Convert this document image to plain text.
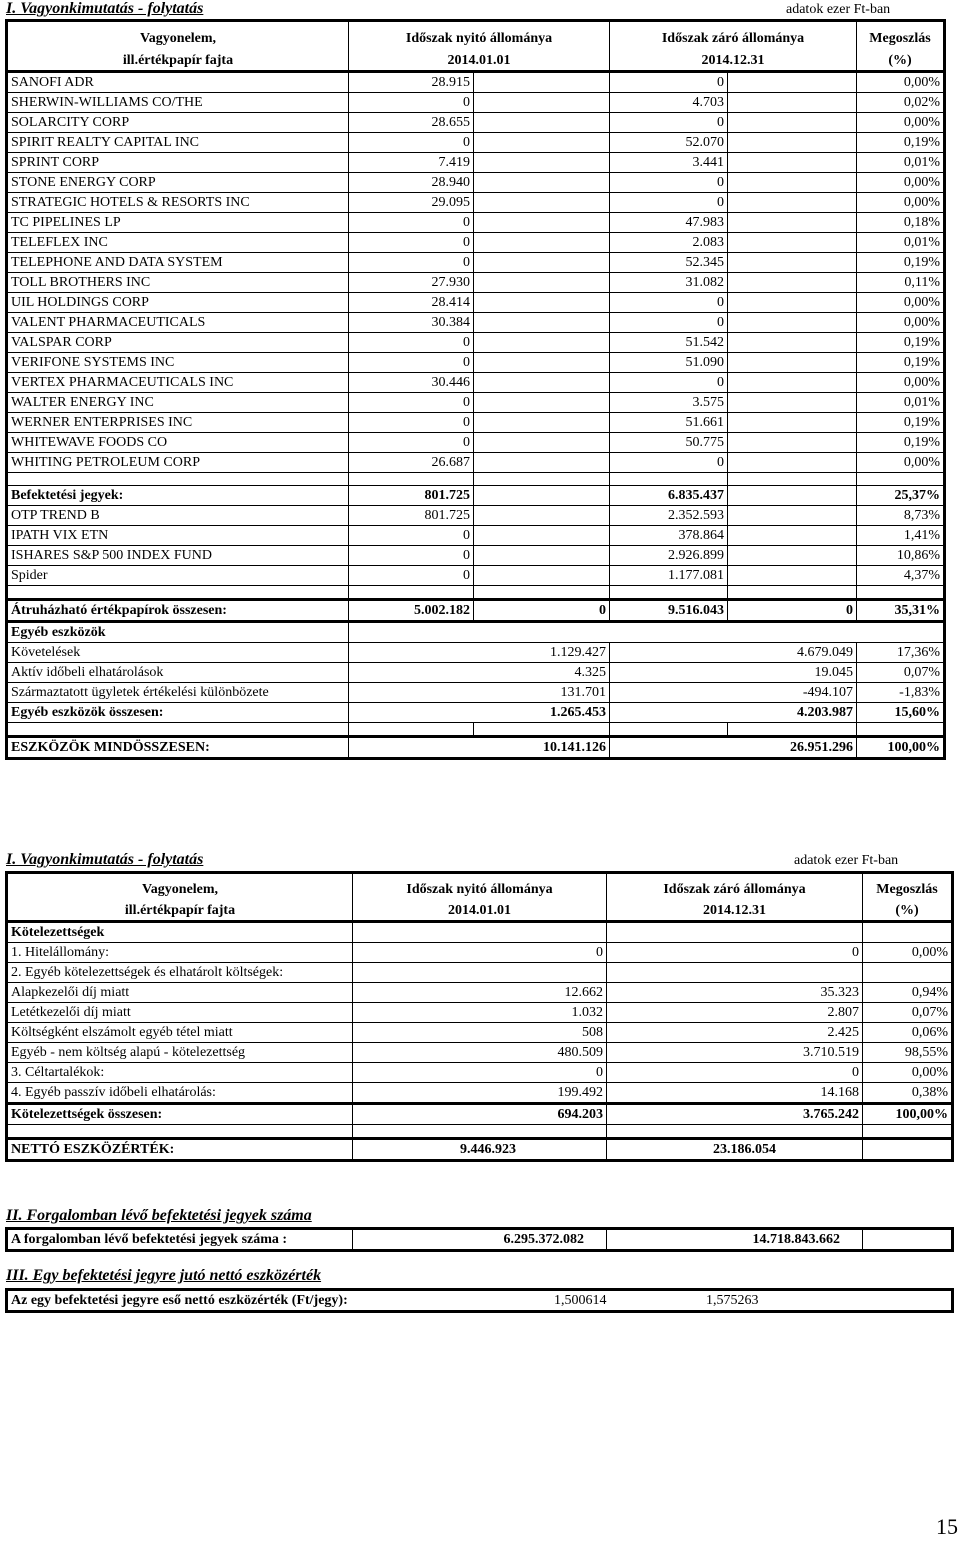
I. Vagyonkimutatás - folytatás	adatok ezer Ft-ban
Vagyonelem,	Időszak nyitó állománya		Időszak záró állománya		Megoszlás
ill.értékpapír fajta	2014.01.01		2014.12.31		(%)
SANOFI ADR	28.915		0		0,00%
SHERWIN-WILLIAMS CO/THE	0		4.703		0,02%
SOLARCITY CORP	28.655		0		0,00%
SPIRIT REALTY CAPITAL INC	0		52.070		0,19%
SPRINT CORP	7.419		3.441		0,01%
STONE ENERGY CORP	28.940		0		0,00%
STRATEGIC HOTELS & RESORTS INC	29.095		0		0,00%
TC PIPELINES LP	0		47.983		0,18%
TELEFLEX INC	0		2.083		0,01%
TELEPHONE AND DATA SYSTEM	0		52.345		0,19%
TOLL BROTHERS INC	27.930		31.082		0,11%
UIL HOLDINGS CORP	28.414		0		0,00%
VALENT PHARMACEUTICALS	30.384		0		0,00%
VALSPAR CORP	0		51.542		0,19%
VERIFONE SYSTEMS INC	0		51.090		0,19%
VERTEX PHARMACEUTICALS INC	30.446		0		0,00%
WALTER ENERGY INC	0		3.575		0,01%
WERNER ENTERPRISES INC	0		51.661		0,19%
WHITEWAVE FOODS CO	0		50.775		0,19%
WHITING PETROLEUM CORP	26.687		0		0,00%

Befektetési jegyek:	801.725		6.835.437		25,37%
OTP TREND B	801.725		2.352.593		8,73%
IPATH VIX ETN	0		378.864		1,41%
ISHARES S&P 500 INDEX FUND	0		2.926.899		10,86%
Spider	0		1.177.081		4,37%

Átruházható értékpapírok összesen:	5.002.182	0	9.516.043	0	35,31%
Egyéb eszközök					
Követelések	1.129.427		4.679.049		17,36%
Aktív időbeli elhatárolások	4.325		19.045		0,07%
Származtatott ügyletek értékelési különbözete	131.701		-494.107		-1,83%
Egyéb eszközök összesen:	1.265.453		4.203.987		15,60%

ESZKÖZÖK MINDÖSSZESEN:	10.141.126		26.951.296		100,00%
I. Vagyonkimutatás - folytatás	adatok ezer Ft-ban
Vagyonelem,	Időszak nyitó állománya	Időszak záró állománya	Megoszlás
ill.értékpapír fajta	2014.01.01	2014.12.31	(%)
Kötelezettségek			
1. Hitelállomány:	0	0	0,00%
2. Egyéb kötelezettségek és elhatárolt költségek:			
Alapkezelői díj miatt	12.662	35.323	0,94%
Letétkezelői díj miatt	1.032	2.807	0,07%
Költségként elszámolt egyéb tétel miatt	508	2.425	0,06%
Egyéb - nem költség alapú - kötelezettség	480.509	3.710.519	98,55%
3. Céltartalékok:	0	0	0,00%
4. Egyéb passzív időbeli elhatárolás:	199.492	14.168	0,38%
Kötelezettségek összesen:	694.203	3.765.242	100,00%

NETTÓ ESZKÖZÉRTÉK:	9.446.923	23.186.054	
II. Forgalomban lévő befektetési jegyek száma
A forgalomban lévő befektetési jegyek száma :	6.295.372.082	14.718.843.662	
III. Egy befektetési jegyre jutó nettó eszközérték
Az egy befektetési jegyre eső nettó eszközérték (Ft/jegy):	1,500614	1,575263	
15
